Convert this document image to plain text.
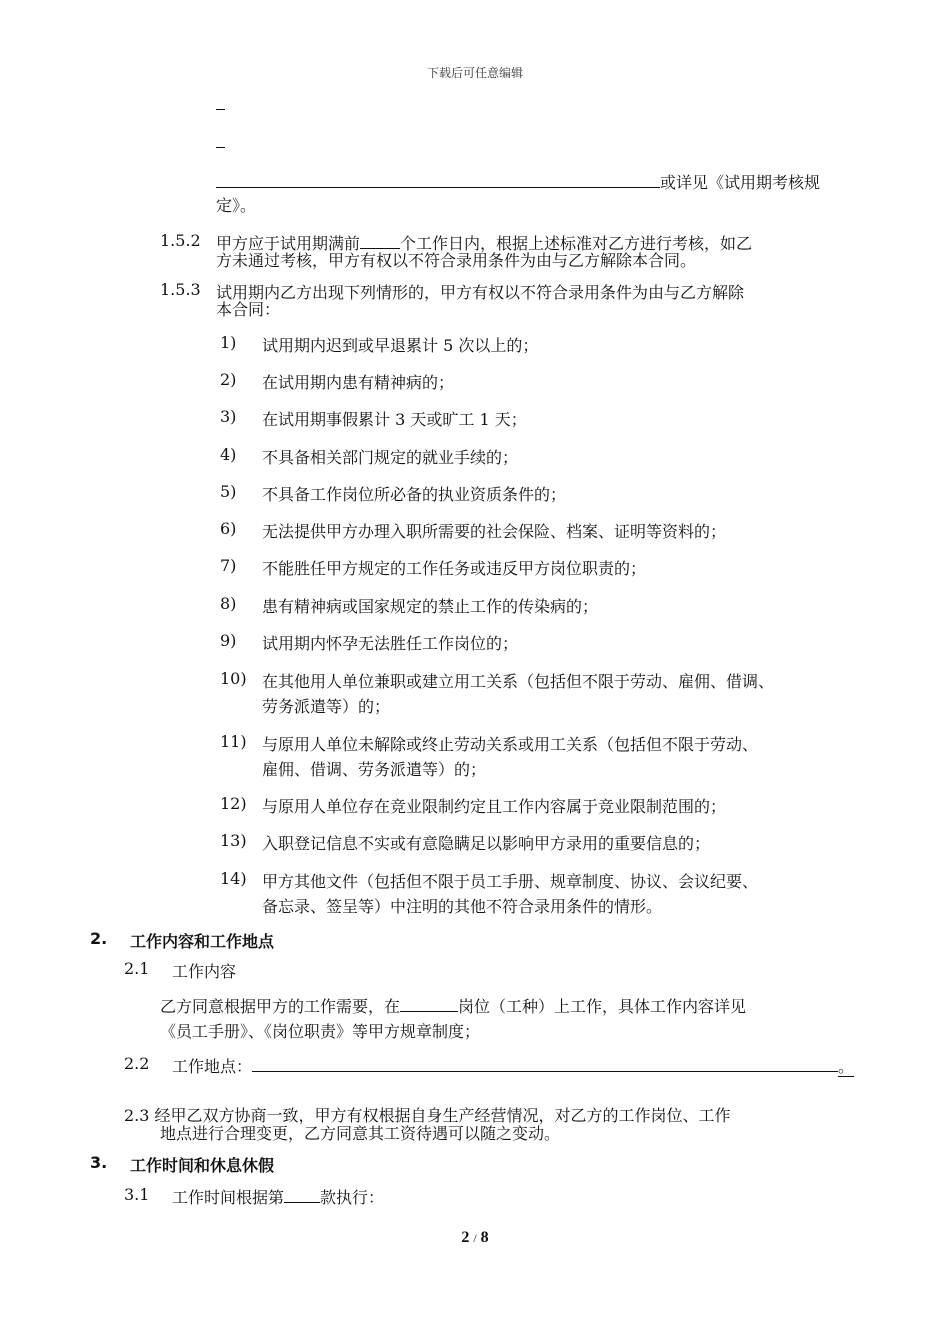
下载后可任意编辑
或详见《试用期考核规
定》。
1.5.2 甲方应于试用期满前	个工作日内，根据上述标准对乙方进行考核，如乙
方未通过考核，甲方有权以不符合录用条件为由与乙方解除本合同。
1.5.3 试用期内乙方出现下列情形的，甲方有权以不符合录用条件为由与乙方解除
本合同：
1) 试用期内迟到或早退累计 5 次以上的；
2) 在试用期内患有精神病的；
3) 在试用期事假累计 3 天或旷工 1 天；
4) 不具备相关部门规定的就业手续的；
5) 不具备工作岗位所必备的执业资质条件的；
6) 无法提供甲方办理入职所需要的社会保险、档案、证明等资料的；
7) 不能胜任甲方规定的工作任务或违反甲方岗位职责的；
8) 患有精神病或国家规定的禁止工作的传染病的；
9) 试用期内怀孕无法胜任工作岗位的；
10) 在其他用人单位兼职或建立用工关系（包括但不限于劳动、雇佣、借调、
劳务派遣等）的；
11) 与原用人单位未解除或终止劳动关系或用工关系（包括但不限于劳动、
雇佣、借调、劳务派遣等）的；
12) 与原用人单位存在竞业限制约定且工作内容属于竞业限制范围的；
13) 入职登记信息不实或有意隐瞒足以影响甲方录用的重要信息的；
14) 甲方其他文件（包括但不限于员工手册、规章制度、协议、会议纪要、
备忘录、签呈等）中注明的其他不符合录用条件的情形。
2. 工作内容和工作地点
2.1 工作内容
乙方同意根据甲方的工作需要，在	岗位（工种）上工作，具体工作内容详见
《员工手册》、《岗位职责》等甲方规章制度；
2.2 工作地点：	。
2.3 经甲乙双方协商一致，甲方有权根据自身生产经营情况，对乙方的工作岗位、工作
地点进行合理变更，乙方同意其工资待遇可以随之变动。
3. 工作时间和休息休假
3.1 工作时间根据第 款执行：
2 / 8
